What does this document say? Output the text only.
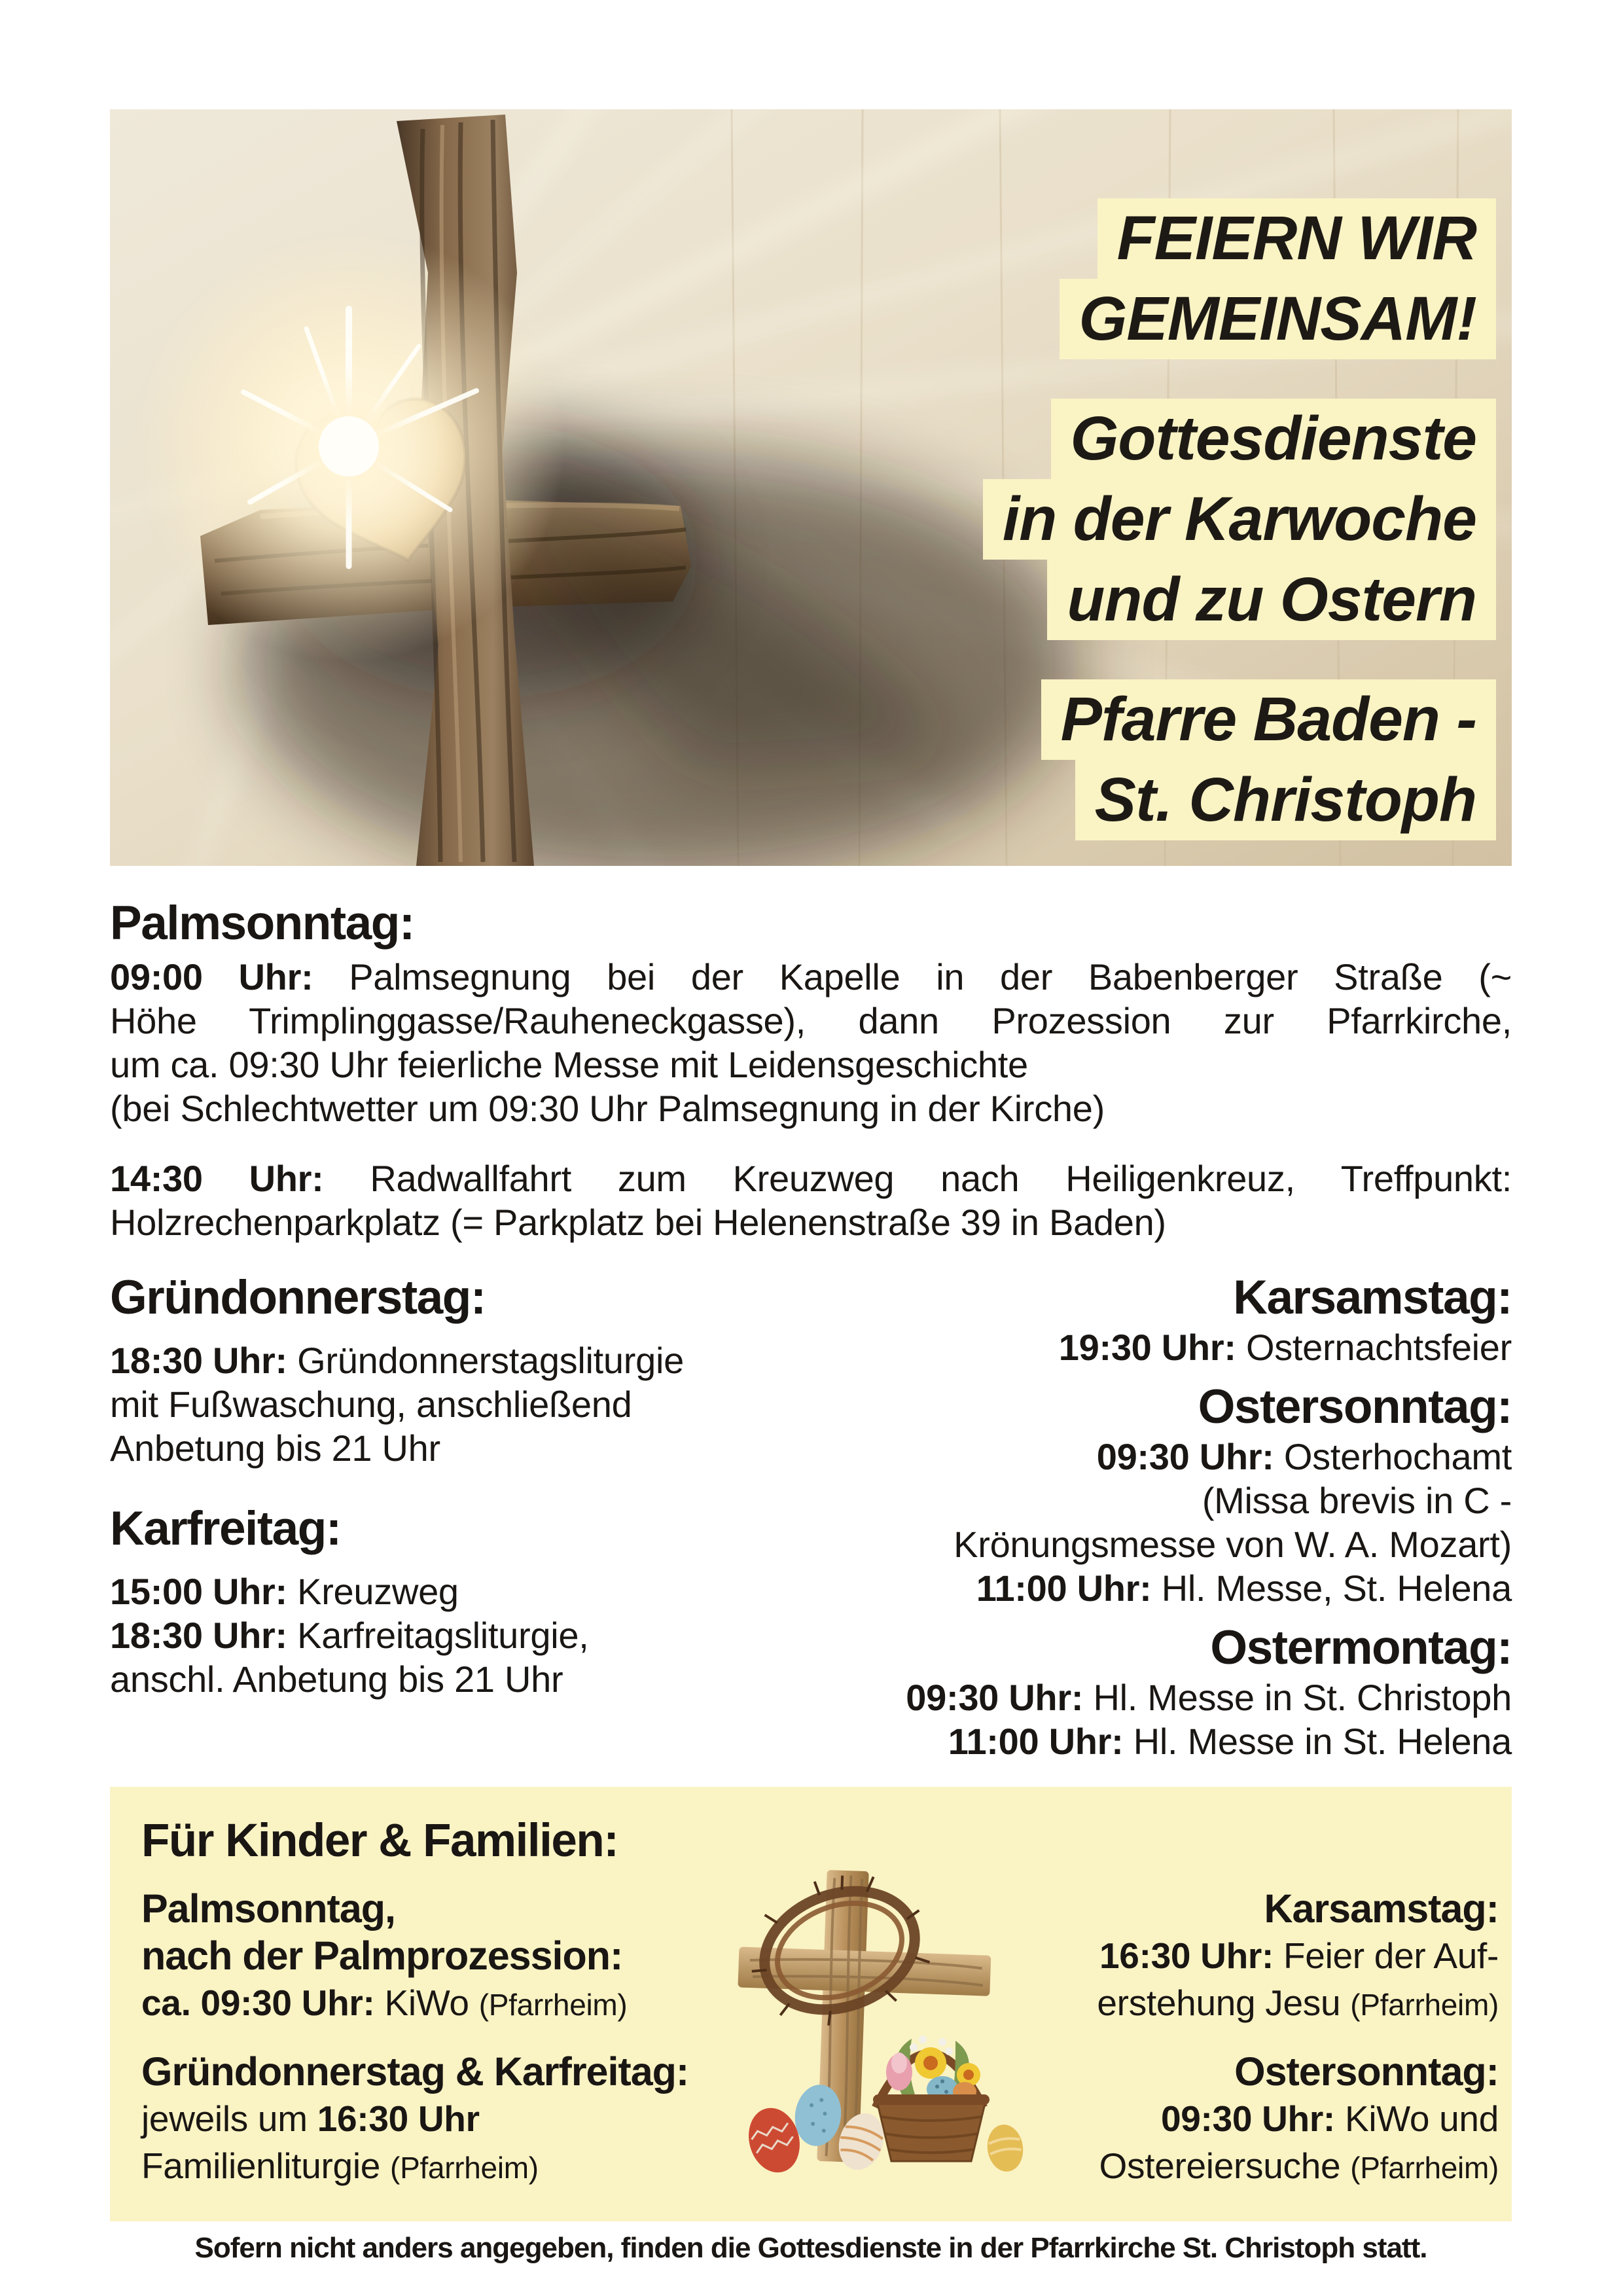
FEIERN WIR
GEMEINSAM!
Gottesdienste
in der Karwoche
und zu Ostern
Pfarre Baden -
St. Christoph
Palmsonntag:
09:00 Uhr: Palmsegnung bei der Kapelle in der Babenberger Straße (~
Höhe Trimplinggasse/Rauheneckgasse), dann Prozession zur Pfarrkirche,
um ca. 09:30 Uhr feierliche Messe mit Leidensgeschichte
(bei Schlechtwetter um 09:30 Uhr Palmsegnung in der Kirche)
14:30 Uhr: Radwallfahrt zum Kreuzweg nach Heiligenkreuz, Treffpunkt:
Holzrechenparkplatz (= Parkplatz bei Helenenstraße 39 in Baden)
Gründonnerstag:
18:30 Uhr: Gründonnerstagsliturgie
mit Fußwaschung, anschließend
Anbetung bis 21 Uhr
Karfreitag:
15:00 Uhr: Kreuzweg
18:30 Uhr: Karfreitagsliturgie,
anschl. Anbetung bis 21 Uhr
Karsamstag:
19:30 Uhr: Osternachtsfeier
Ostersonntag:
09:30 Uhr: Osterhochamt
(Missa brevis in C -
Krönungsmesse von W. A. Mozart)
11:00 Uhr: Hl. Messe, St. Helena
Ostermontag:
09:30 Uhr: Hl. Messe in St. Christoph
11:00 Uhr: Hl. Messe in St. Helena
Für Kinder & Familien:
Palmsonntag,
nach der Palmprozession:
ca. 09:30 Uhr: KiWo (Pfarrheim)
Gründonnerstag & Karfreitag:
jeweils um 16:30 Uhr
Familienliturgie (Pfarrheim)
Karsamstag:
16:30 Uhr: Feier der Auf-
erstehung Jesu (Pfarrheim)
Ostersonntag:
09:30 Uhr: KiWo und
Ostereiersuche (Pfarrheim)
Sofern nicht anders angegeben, finden die Gottesdienste in der Pfarrkirche St. Christoph statt.
